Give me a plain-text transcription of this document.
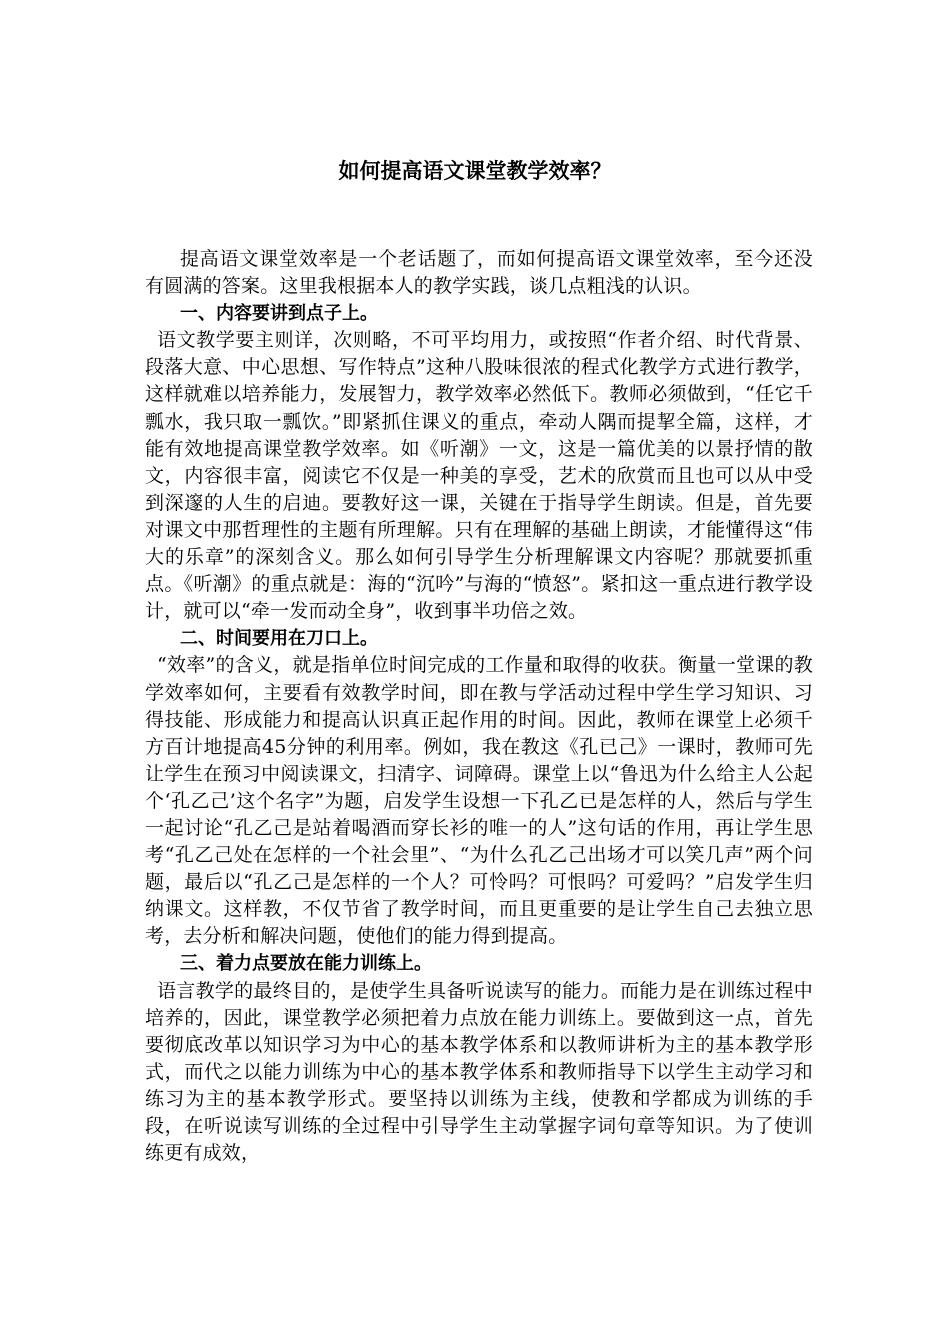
如何提高语文课堂教学效率？

提高语文课堂效率是一个老话题了，而如何提高语文课堂效率，至今还没有圆满的答案。这里我根据本人的教学实践，谈几点粗浅的认识。

一、内容要讲到点子上。

语文教学要主则详，次则略，不可平均用力，或按照“作者介绍、时代背景、段落大意、中心思想、写作特点”这种八股味很浓的程式化教学方式进行教学，这样就难以培养能力，发展智力，教学效率必然低下。教师必须做到，“任它千瓢水，我只取一瓢饮。”即紧抓住课义的重点，牵动人隅而提挈全篇，这样，才能有效地提高课堂教学效率。如《听潮》一文，这是一篇优美的以景抒情的散文，内容很丰富，阅读它不仅是一种美的享受，艺术的欣赏而且也可以从中受到深邃的人生的启迪。要教好这一课，关键在于指导学生朗读。但是，首先要对课文中那哲理性的主题有所理解。只有在理解的基础上朗读，才能懂得这“伟大的乐章”的深刻含义。那么如何引导学生分析理解课文内容呢？那就要抓重点。《听潮》的重点就是：海的“沉吟”与海的“愤怒”。紧扣这一重点进行教学设计，就可以“牵一发而动全身”，收到事半功倍之效。

二、时间要用在刀口上。

“效率”的含义，就是指单位时间完成的工作量和取得的收获。衡量一堂课的教学效率如何，主要看有效教学时间，即在教与学活动过程中学生学习知识、习得技能、形成能力和提高认识真正起作用的时间。因此，教师在课堂上必须千方百计地提高45分钟的利用率。例如，我在教这《孔已己》一课时，教师可先让学生在预习中阅读课文，扫清字、词障碍。课堂上以“鲁迅为什么给主人公起个‘孔乙己’这个名字”为题，启发学生设想一下孔乙已是怎样的人，然后与学生一起讨论“孔乙己是站着喝酒而穿长衫的唯一的人”这句话的作用，再让学生思考“孔乙己处在怎样的一个社会里”、“为什么孔乙己出场才可以笑几声”两个问题，最后以“孔乙己是怎样的一个人？可怜吗？可恨吗？可爱吗？”启发学生归纳课文。这样教，不仅节省了教学时间，而且更重要的是让学生自己去独立思考，去分析和解决问题，使他们的能力得到提高。

三、着力点要放在能力训练上。

语言教学的最终目的，是使学生具备听说读写的能力。而能力是在训练过程中培养的，因此，课堂教学必须把着力点放在能力训练上。要做到这一点，首先要彻底改革以知识学习为中心的基本教学体系和以教师讲析为主的基本教学形式，而代之以能力训练为中心的基本教学体系和教师指导下以学生主动学习和练习为主的基本教学形式。要坚持以训练为主线，使教和学都成为训练的手段，在听说读写训练的全过程中引导学生主动掌握字词句章等知识。为了使训练更有成效，
